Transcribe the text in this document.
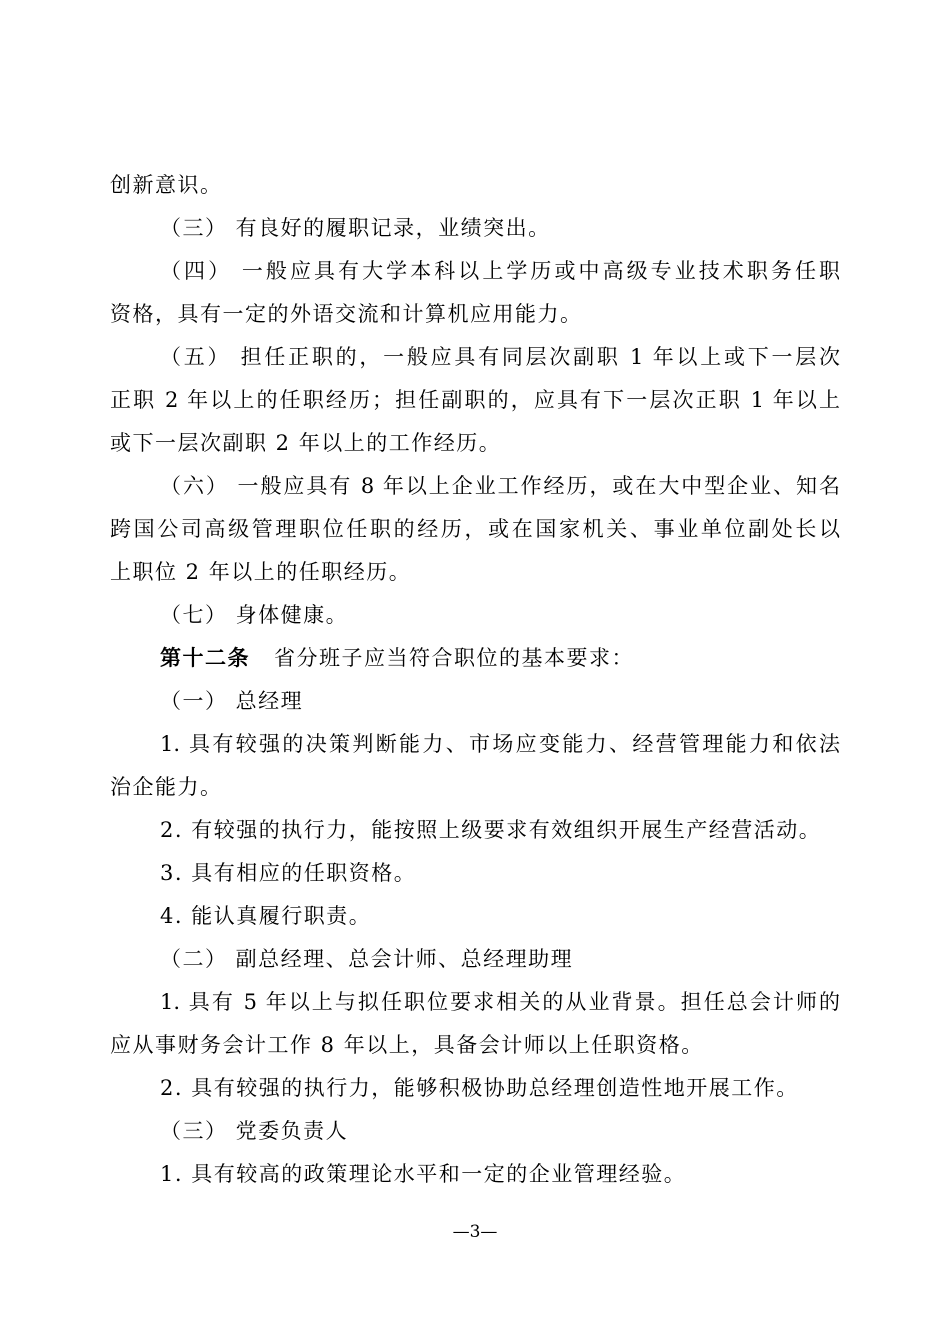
创新意识。
（三） 有良好的履职记录，业绩突出。
（四） 一般应具有大学本科以上学历或中高级专业技术职务任职
资格，具有一定的外语交流和计算机应用能力。
（五） 担任正职的，一般应具有同层次副职 1 年以上或下一层次
正职 2 年以上的任职经历；担任副职的，应具有下一层次正职 1 年以上
或下一层次副职 2 年以上的工作经历。
（六） 一般应具有 8 年以上企业工作经历，或在大中型企业、知名
跨国公司高级管理职位任职的经历，或在国家机关、事业单位副处长以
上职位 2 年以上的任职经历。
（七） 身体健康。
第十二条 省分班子应当符合职位的基本要求：
（一） 总经理
1. 具有较强的决策判断能力、市场应变能力、经营管理能力和依法
治企能力。
2. 有较强的执行力，能按照上级要求有效组织开展生产经营活动。
3. 具有相应的任职资格。
4. 能认真履行职责。
（二） 副总经理、总会计师、总经理助理
1. 具有 5 年以上与拟任职位要求相关的从业背景。担任总会计师的
应从事财务会计工作 8 年以上，具备会计师以上任职资格。
2. 具有较强的执行力，能够积极协助总经理创造性地开展工作。
（三） 党委负责人
1. 具有较高的政策理论水平和一定的企业管理经验。
—3—
